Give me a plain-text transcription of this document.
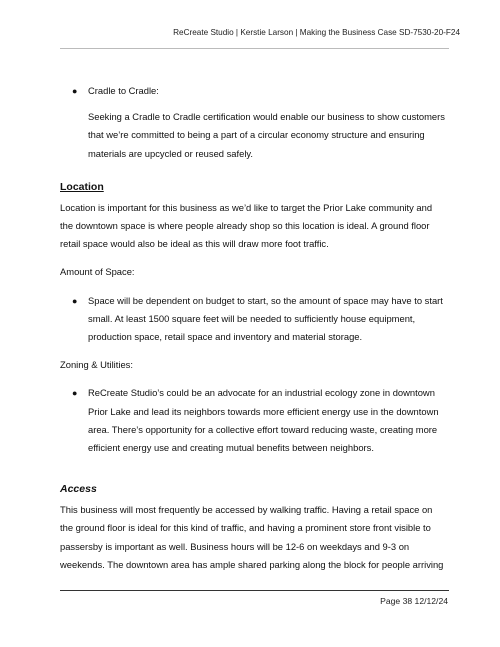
ReCreate Studio | Kerstie Larson | Making the Business Case SD-7530-20-F24
● Cradle to Cradle:

Seeking a Cradle to Cradle certification would enable our business to show customers that we’re committed to being a part of a circular economy structure and ensuring materials are upcycled or reused safely.

Location

Location is important for this business as we’d like to target the Prior Lake community and the downtown space is where people already shop so this location is ideal. A ground floor retail space would also be ideal as this will draw more foot traffic.

Amount of Space:

● Space will be dependent on budget to start, so the amount of space may have to start small. At least 1500 square feet will be needed to sufficiently house equipment, production space, retail space and inventory and material storage.

Zoning & Utilities:

● ReCreate Studio’s could be an advocate for an industrial ecology zone in downtown Prior Lake and lead its neighbors towards more efficient energy use in the downtown area. There’s opportunity for a collective effort toward reducing waste, creating more efficient energy use and creating mutual benefits between neighbors.

Access

This business will most frequently be accessed by walking traffic. Having a retail space on the ground floor is ideal for this kind of traffic, and having a prominent store front visible to passersby is important as well. Business hours will be 12-6 on weekdays and 9-3 on weekends. The downtown area has ample shared parking along the block for people arriving

Page 38 12/12/24
